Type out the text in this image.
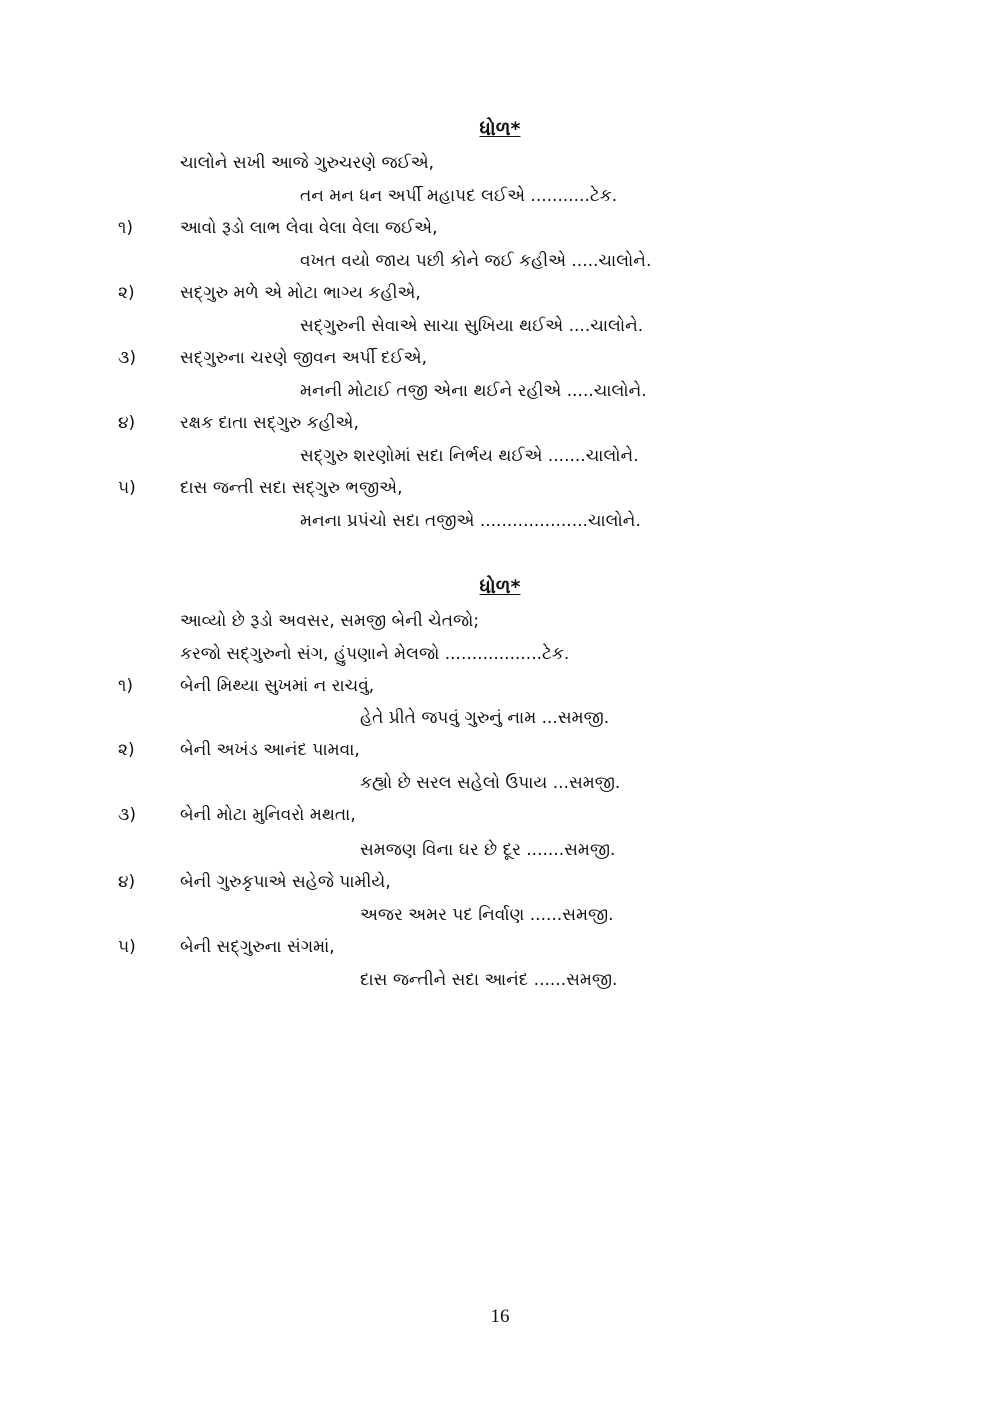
ધોળ*
ચાલોને સખી આજે ગુરુચરણે જઈએ,
તન મન ધન અર્પી મહાપદ લઈએ ...........ટેક.
૧)	આવો રૂડો લાભ લેવા વેલા વેલા જઈએ,
વખત વયો જાય પછી કોને જઈ કહીએ .....ચાલોને.
૨)	સદ્ગુરુ મળે એ મોટા ભાગ્ય કહીએ,
સદ્ગુરુની સેવાએ સાચા સુખિયા થઈએ ....ચાલોને.
૩)	સદ્ગુરુના ચરણે જીવન અર્પી દઈએ,
મનની મોટાઈ તજી એના થઈને રહીએ .....ચાલોને.
૪)	રક્ષક દાતા સદ્ગુરુ કહીએ,
સદ્ગુરુ શરણોમાં સદા નિર્ભય થઈએ .......ચાલોને.
૫)	દાસ જન્તી સદા સદ્ગુરુ ભજીએ,
મનના પ્રપંચો સદા તજીએ ....................ચાલોને.
ધોળ*
આવ્યો છે રૂડો અવસર, સમજી બેની ચેતજો;
કરજો સદ્ગુરુનો સંગ, હુંપણાને મેલજો ..................ટેક.
૧)	બેની મિથ્યા સુખમાં ન રાચવું,
હેતે પ્રીતે જપવું ગુરુનું નામ ...સમજી.
૨)	બેની અખંડ આનંદ પામવા,
કહ્યો છે સરલ સહેલો ઉપાય ...સમજી.
૩)	બેની મોટા મુનિવરો મથતા,
સમજણ વિના ઘર છે દૂર .......સમજી.
૪)	બેની ગુરુકૃપાએ સહેજે પામીયે,
અજર અમર પદ નિર્વાણ ......સમજી.
૫)	બેની સદ્ગુરુના સંગમાં,
દાસ જન્તીને સદા આનંદ ......સમજી.
16
